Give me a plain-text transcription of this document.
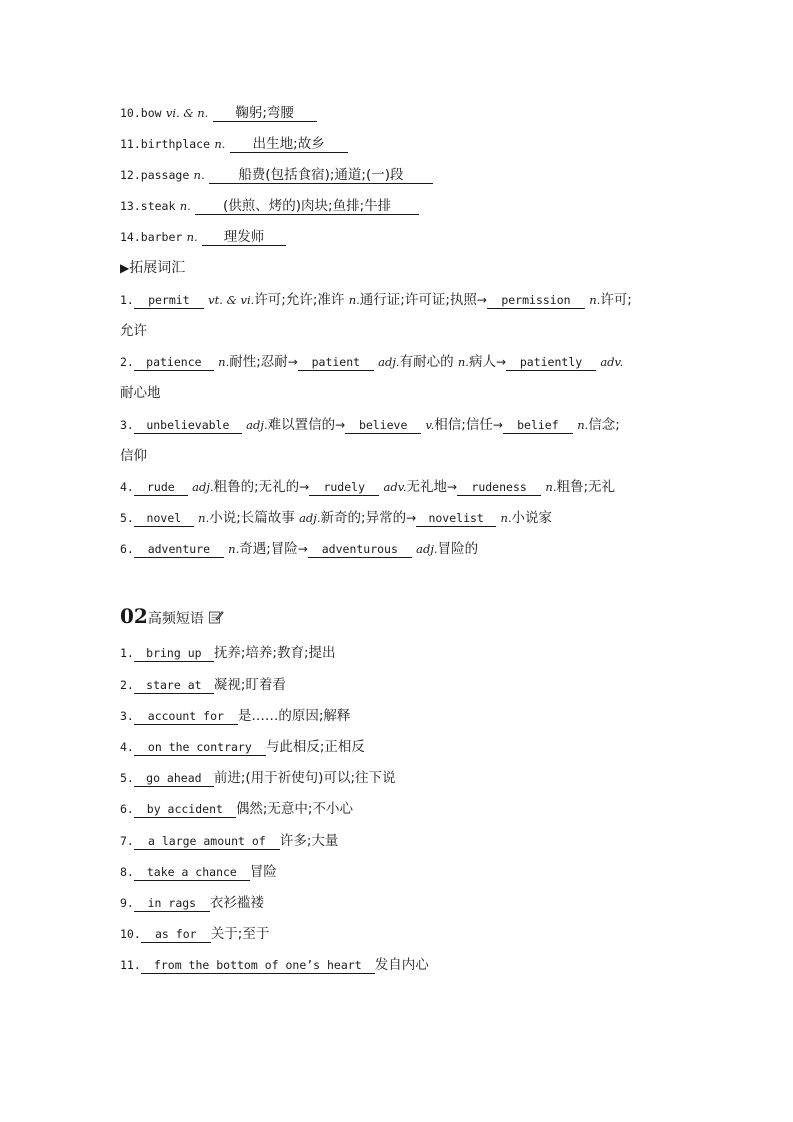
10.bow vi. & n. 鞠躬;弯腰
11.birthplace n. 出生地;故乡
12.passage n. 船费(包括食宿);通道;(一)段
13.steak n. (供煎、烤的)肉块;鱼排;牛排
14.barber n. 理发师
▶拓展词汇
1. permit vt. & vi.许可;允许;准许 n.通行证;许可证;执照→ permission n.许可;
允许
2. patience n.耐性;忍耐→ patient adj.有耐心的 n.病人→ patiently adv.
耐心地
3. unbelievable adj.难以置信的→ believe v.相信;信任→ belief n.信念;
信仰
4. rude adj.粗鲁的;无礼的→ rudely adv.无礼地→ rudeness n.粗鲁;无礼
5. novel n.小说;长篇故事 adj.新奇的;异常的→ novelist n.小说家
6. adventure n.奇遇;冒险→ adventurous adj.冒险的
02高频短语
1. bring up 抚养;培养;教育;提出
2. stare at 凝视;盯着看
3. account for 是……的原因;解释
4. on the contrary 与此相反;正相反
5. go ahead 前进;(用于祈使句)可以;往下说
6. by accident 偶然;无意中;不小心
7. a large amount of 许多;大量
8. take a chance 冒险
9. in rags 衣衫褴褛
10. as for 关于;至于
11. from the bottom of one’s heart 发自内心
